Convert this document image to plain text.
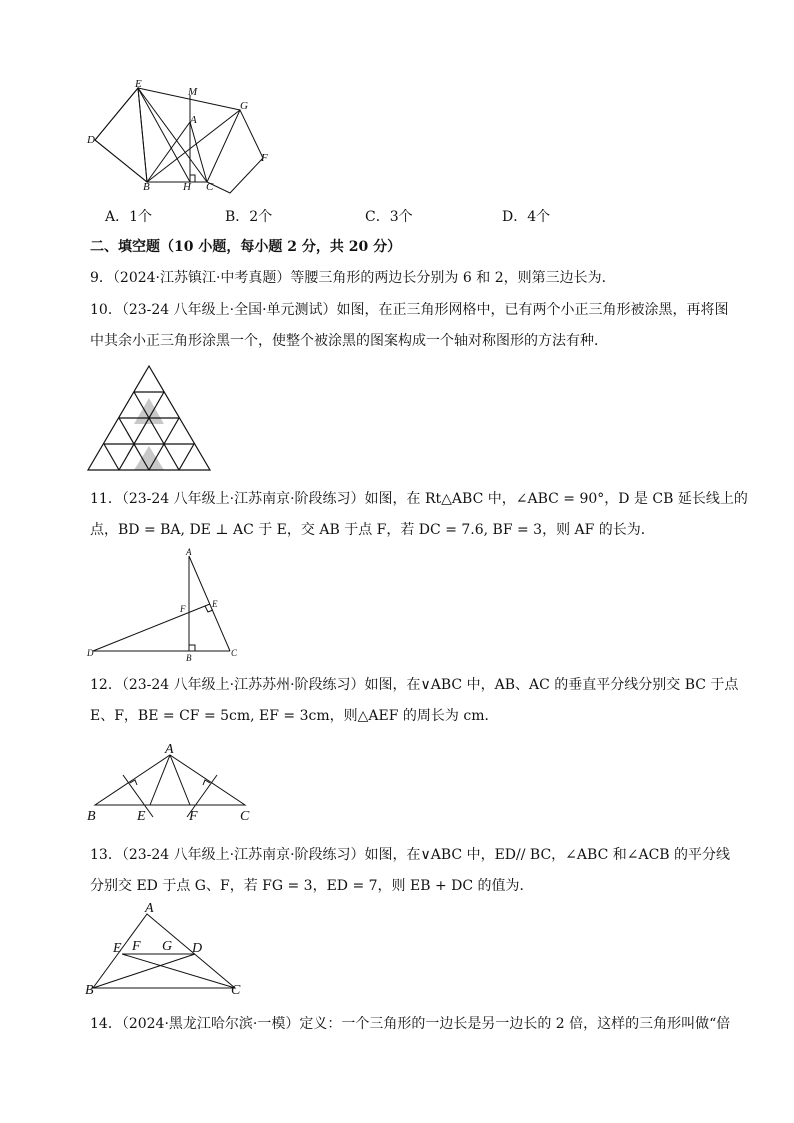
E
M
G
A
D
F
B	H C
A．1个	B．2个	C．3个	D．4个
二、填空题（10 小题，每小题 2 分，共 20 分）
9．（2024·江苏镇江·中考真题）等腰三角形的两边长分别为 6 和 2，则第三边长为．
10．（23-24 八年级上·全国·单元测试）如图，在正三角形网格中，已有两个小正三角形被涂黑，再将图
中其余小正三角形涂黑一个，使整个被涂黑的图案构成一个轴对称图形的方法有种．
11．（23-24 八年级上·江苏南京·阶段练习）如图，在 Rt△ABC 中，∠ABC = 90°，D 是 CB 延长线上的
点，BD = BA, DE ⊥ AC 于 E，交 AB 于点 F，若 DC = 7.6, BF = 3，则 AF 的长为．
A
E
F
D	B	C
12．（23-24 八年级上·江苏苏州·阶段练习）如图，在∨ABC 中，AB、AC 的垂直平分线分别交 BC 于点
E、F，BE = CF = 5cm, EF = 3cm，则△AEF 的周长为 cm．
A
B	E	F	C
13．（23-24 八年级上·江苏南京·阶段练习）如图，在∨ABC 中，ED// BC，∠ABC 和∠ACB 的平分线
分别交 ED 于点 G、F，若 FG = 3，ED = 7，则 EB + DC 的值为．
A
E F G D
B	C
14．（2024·黑龙江哈尔滨·一模）定义：一个三角形的一边长是另一边长的 2 倍，这样的三角形叫做“倍
